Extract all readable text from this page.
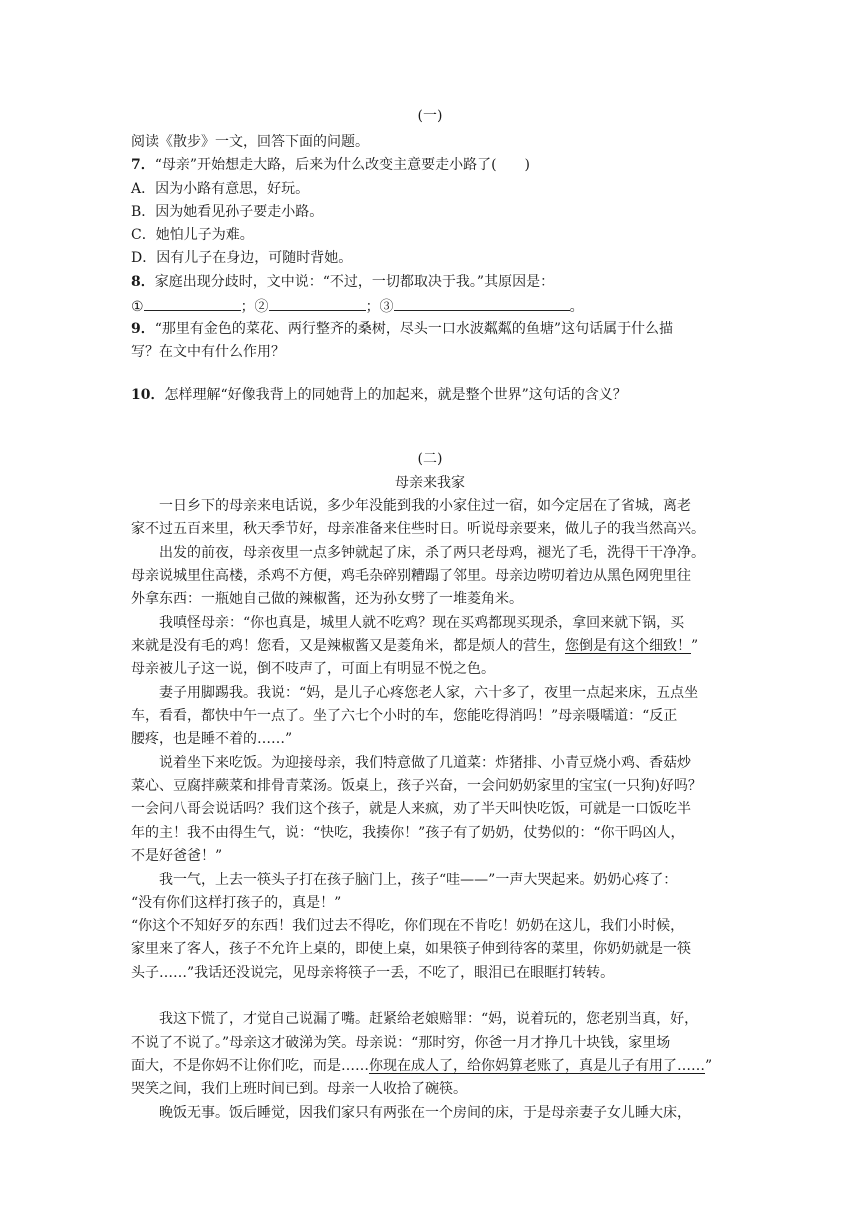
(一)
阅读《散步》一文，回答下面的问题。
7．“母亲”开始想走大路，后来为什么改变主意要走小路了(　　)
A．因为小路有意思，好玩。
B．因为她看见孙子要走小路。
C．她怕儿子为难。
D．因有儿子在身边，可随时背她。
8．家庭出现分歧时，文中说：“不过，一切都取决于我。”其原因是：
①	；②	；③	。
9．“那里有金色的菜花、两行整齐的桑树，尽头一口水波粼粼的鱼塘”这句话属于什么描
写？在文中有什么作用？
10．怎样理解“好像我背上的同她背上的加起来，就是整个世界”这句话的含义？
(二)
母亲来我家
一日乡下的母亲来电话说，多少年没能到我的小家住过一宿，如今定居在了省城，离老
家不过五百来里，秋天季节好，母亲准备来住些时日。听说母亲要来，做儿子的我当然高兴。
出发的前夜，母亲夜里一点多钟就起了床，杀了两只老母鸡，褪光了毛，洗得干干净净。
母亲说城里住高楼，杀鸡不方便，鸡毛杂碎别糟蹋了邻里。母亲边唠叨着边从黑色网兜里往
外拿东西：一瓶她自己做的辣椒酱，还为孙女劈了一堆菱角米。
我嗔怪母亲：“你也真是，城里人就不吃鸡？现在买鸡都现买现杀，拿回来就下锅，买
来就是没有毛的鸡！您看，又是辣椒酱又是菱角米，都是烦人的营生，您倒是有这个细致！”
母亲被儿子这一说，倒不吱声了，可面上有明显不悦之色。
妻子用脚踢我。我说：“妈，是儿子心疼您老人家，六十多了，夜里一点起来床，五点坐
车，看看，都快中午一点了。坐了六七个小时的车，您能吃得消吗！”母亲嗫嚅道：“反正
腰疼，也是睡不着的……”
说着坐下来吃饭。为迎接母亲，我们特意做了几道菜：炸猪排、小青豆烧小鸡、香菇炒
菜心、豆腐拌蕨菜和排骨青菜汤。饭桌上，孩子兴奋，一会问奶奶家里的宝宝(一只狗)好吗？
一会问八哥会说话吗？我们这个孩子，就是人来疯，劝了半天叫快吃饭，可就是一口饭吃半
年的主！我不由得生气，说：“快吃，我揍你！”孩子有了奶奶，仗势似的：“你干吗凶人，
不是好爸爸！”
我一气，上去一筷头子打在孩子脑门上，孩子“哇——”一声大哭起来。奶奶心疼了：
“没有你们这样打孩子的，真是！”
“你这个不知好歹的东西！我们过去不得吃，你们现在不肯吃！奶奶在这儿，我们小时候，
家里来了客人，孩子不允许上桌的，即使上桌，如果筷子伸到待客的菜里，你奶奶就是一筷
头子……”我话还没说完，见母亲将筷子一丢，不吃了，眼泪已在眼眶打转转。
我这下慌了，才觉自己说漏了嘴。赶紧给老娘赔罪：“妈，说着玩的，您老别当真，好，
不说了不说了。”母亲这才破涕为笑。母亲说：“那时穷，你爸一月才挣几十块钱，家里场
面大，不是你妈不让你们吃，而是……你现在成人了，给你妈算老账了，真是儿子有用了……”
哭笑之间，我们上班时间已到。母亲一人收拾了碗筷。
晚饭无事。饭后睡觉，因我们家只有两张在一个房间的床，于是母亲妻子女儿睡大床，
